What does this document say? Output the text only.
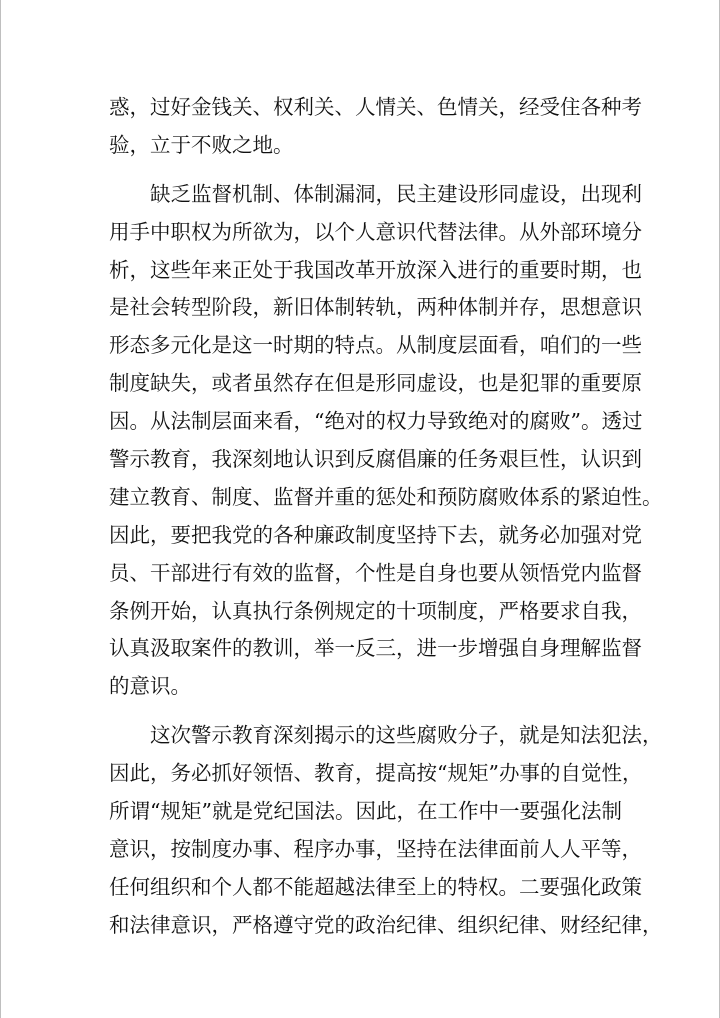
惑，过好金钱关、权利关、人情关、色情关，经受住各种考
验，立于不败之地。
缺乏监督机制、体制漏洞，民主建设形同虚设，出现利
用手中职权为所欲为，以个人意识代替法律。从外部环境分
析，这些年来正处于我国改革开放深入进行的重要时期，也
是社会转型阶段，新旧体制转轨，两种体制并存，思想意识
形态多元化是这一时期的特点。从制度层面看，咱们的一些
制度缺失，或者虽然存在但是形同虚设，也是犯罪的重要原
因。从法制层面来看，“绝对的权力导致绝对的腐败”。透过
警示教育，我深刻地认识到反腐倡廉的任务艰巨性，认识到
建立教育、制度、监督并重的惩处和预防腐败体系的紧迫性。
因此，要把我党的各种廉政制度坚持下去，就务必加强对党
员、干部进行有效的监督，个性是自身也要从领悟党内监督
条例开始，认真执行条例规定的十项制度，严格要求自我，
认真汲取案件的教训，举一反三，进一步增强自身理解监督
的意识。
这次警示教育深刻揭示的这些腐败分子，就是知法犯法，
因此，务必抓好领悟、教育，提高按“规矩”办事的自觉性，
所谓“规矩”就是党纪国法。因此，在工作中一要强化法制
意识，按制度办事、程序办事，坚持在法律面前人人平等，
任何组织和个人都不能超越法律至上的特权。二要强化政策
和法律意识，严格遵守党的政治纪律、组织纪律、财经纪律，
